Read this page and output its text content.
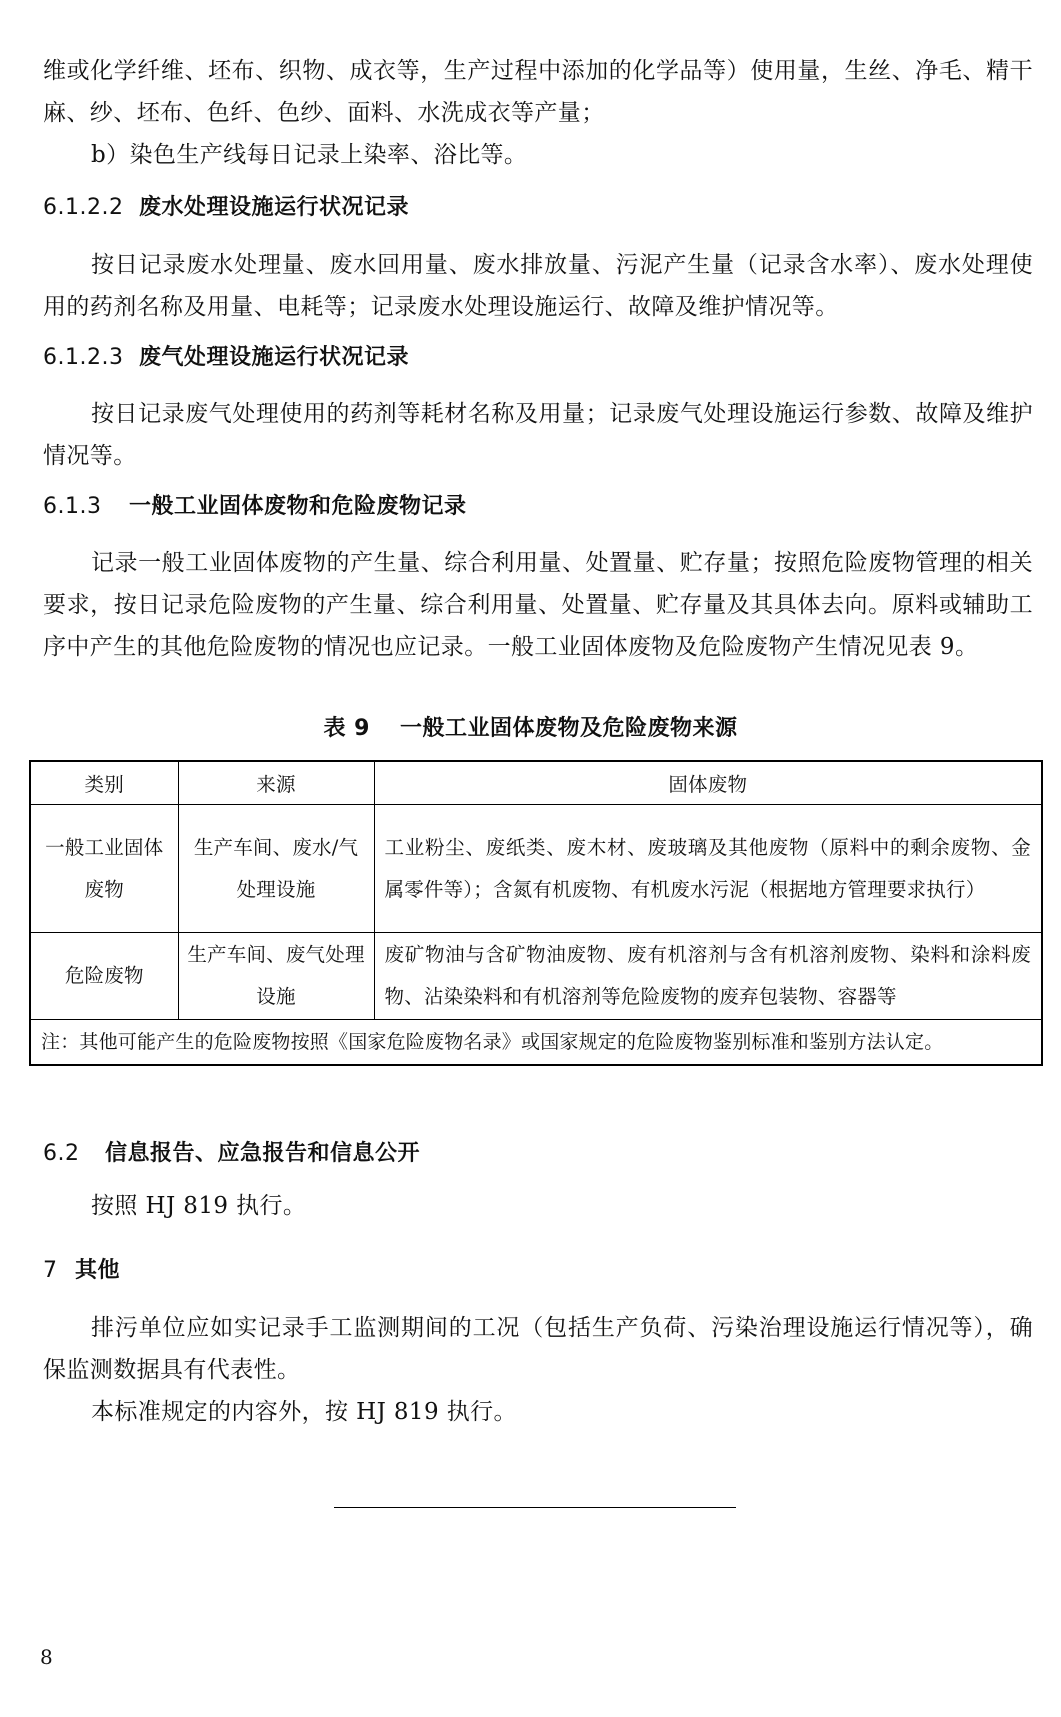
维或化学纤维、坯布、织物、成衣等，生产过程中添加的化学品等）使用量，生丝、净毛、精干麻、纱、坯布、色纤、色纱、面料、水洗成衣等产量；

b）染色生产线每日记录上染率、浴比等。

6.1.2.2 废水处理设施运行状况记录

按日记录废水处理量、废水回用量、废水排放量、污泥产生量（记录含水率）、废水处理使用的药剂名称及用量、电耗等；记录废水处理设施运行、故障及维护情况等。

6.1.2.3 废气处理设施运行状况记录

按日记录废气处理使用的药剂等耗材名称及用量；记录废气处理设施运行参数、故障及维护情况等。

6.1.3 一般工业固体废物和危险废物记录

记录一般工业固体废物的产生量、综合利用量、处置量、贮存量；按照危险废物管理的相关要求，按日记录危险废物的产生量、综合利用量、处置量、贮存量及其具体去向。原料或辅助工序中产生的其他危险废物的情况也应记录。一般工业固体废物及危险废物产生情况见表 9。

表 9 一般工业固体废物及危险废物来源
类别	来源	固体废物
一般工业固体废物	生产车间、废水/气处理设施	工业粉尘、废纸类、废木材、废玻璃及其他废物（原料中的剩余废物、金属零件等）；含氮有机废物、有机废水污泥（根据地方管理要求执行）
危险废物	生产车间、废气处理设施	废矿物油与含矿物油废物、废有机溶剂与含有机溶剂废物、染料和涂料废物、沾染染料和有机溶剂等危险废物的废弃包装物、容器等
注：其他可能产生的危险废物按照《国家危险废物名录》或国家规定的危险废物鉴别标准和鉴别方法认定。		
6.2 信息报告、应急报告和信息公开

按照 HJ 819 执行。

7 其他

排污单位应如实记录手工监测期间的工况（包括生产负荷、污染治理设施运行情况等），确保监测数据具有代表性。

本标准规定的内容外，按 HJ 819 执行。

8
